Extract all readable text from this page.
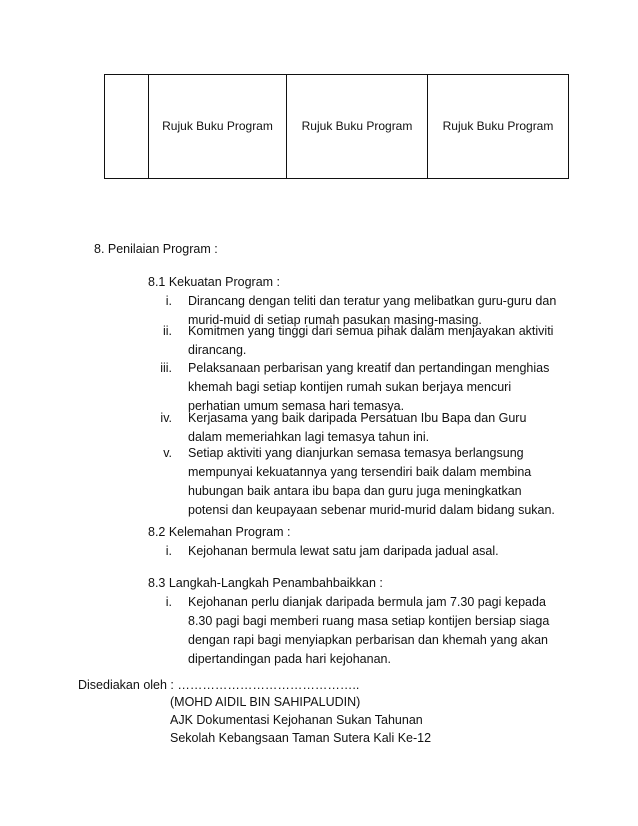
	Rujuk Buku Program	Rujuk Buku Program	Rujuk Buku Program
8. Penilaian Program :
8.1 Kekuatan Program :
i. Dirancang dengan teliti dan teratur yang melibatkan guru-guru dan
murid-muid di setiap rumah pasukan masing-masing.
ii. Komitmen yang tinggi dari semua pihak dalam menjayakan aktiviti
dirancang.
iii. Pelaksanaan perbarisan yang kreatif dan pertandingan menghias
khemah bagi setiap kontijen rumah sukan berjaya mencuri
perhatian umum semasa hari temasya.
iv. Kerjasama yang baik daripada Persatuan Ibu Bapa dan Guru
dalam memeriahkan lagi temasya tahun ini.
v. Setiap aktiviti yang dianjurkan semasa temasya berlangsung
mempunyai kekuatannya yang tersendiri baik dalam membina
hubungan baik antara ibu bapa dan guru juga meningkatkan
potensi dan keupayaan sebenar murid-murid dalam bidang sukan.
8.2 Kelemahan Program :
i. Kejohanan bermula lewat satu jam daripada jadual asal.
8.3 Langkah-Langkah Penambahbaikkan :
i. Kejohanan perlu dianjak daripada bermula jam 7.30 pagi kepada
8.30 pagi bagi memberi ruang masa setiap kontijen bersiap siaga
dengan rapi bagi menyiapkan perbarisan dan khemah yang akan
dipertandingan pada hari kejohanan.
Disediakan oleh : ……………………………………..
(MOHD AIDIL BIN SAHIPALUDIN)
AJK Dokumentasi Kejohanan Sukan Tahunan
Sekolah Kebangsaan Taman Sutera Kali Ke-12
